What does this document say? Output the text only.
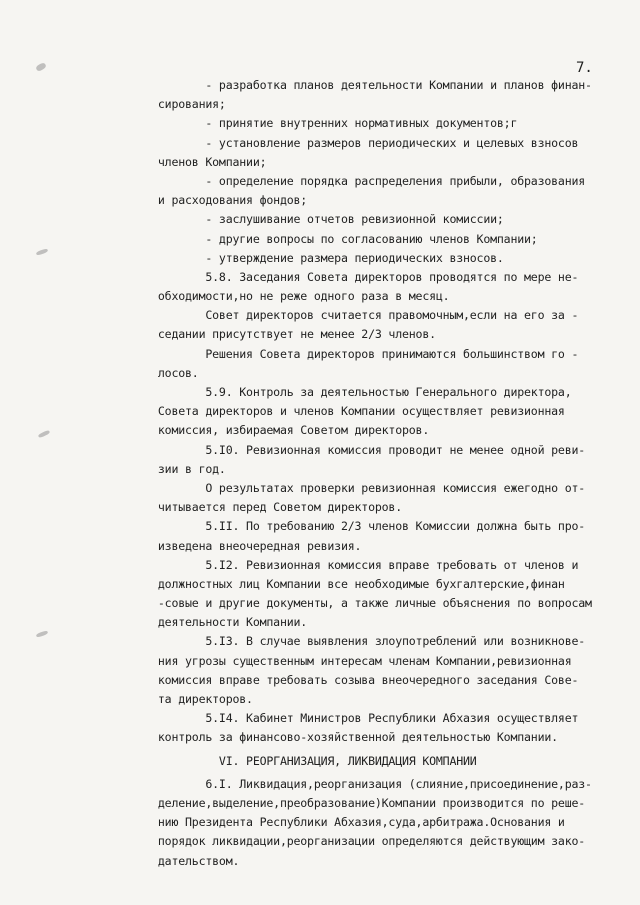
7.
- разработка планов деятельности Компании и планов финан-
сирования;
- принятие внутренних нормативных документов;г
- установление размеров периодических и целевых взносов
членов Компании;
- определение порядка распределения прибыли, образования
и расходования фондов;
- заслушивание отчетов ревизионной комиссии;
- другие вопросы по согласованию членов Компании;
- утверждение размера периодических взносов.
5.8. Заседания Совета директоров проводятся по мере не-
обходимости,но не реже одного раза в месяц.
Совет директоров считается правомочным,если на его за -
седании присутствует не менее 2/3 членов.
Решения Совета директоров принимаются большинством го -
лосов.
5.9. Контроль за деятельностью Генерального директора,
Совета директоров и членов Компании осуществляет ревизионная
комиссия, избираемая Советом директоров.
5.I0. Ревизионная комиссия проводит не менее одной реви-
зии в год.
О результатах проверки ревизионная комиссия ежегодно от-
читывается перед Советом директоров.
5.II. По требованию 2/3 членов Комиссии должна быть про-
изведена внеочередная ревизия.
5.I2. Ревизионная комиссия вправе требовать от членов и
должностных лиц Компании все необходимые бухгалтерские,финан
-совые и другие документы, а также личные объяснения по вопросам
деятельности Компании.
5.I3. В случае выявления злоупотреблений или возникнове-
ния угрозы существенным интересам членам Компании,ревизионная
комиссия вправе требовать созыва внеочередного заседания Сове-
та директоров.
5.I4. Кабинет Министров Республики Абхазия осуществляет
контроль за финансово-хозяйственной деятельностью Компании.
VI. РЕОРГАНИЗАЦИЯ, ЛИКВИДАЦИЯ КОМПАНИИ
6.I. Ликвидация,реорганизация (слияние,присоединение,раз-
деление,выделение,преобразование)Компании производится по реше-
нию Президента Республики Абхазия,суда,арбитража.Основания и
порядок ликвидации,реорганизации определяются действующим зако-
дательством.
